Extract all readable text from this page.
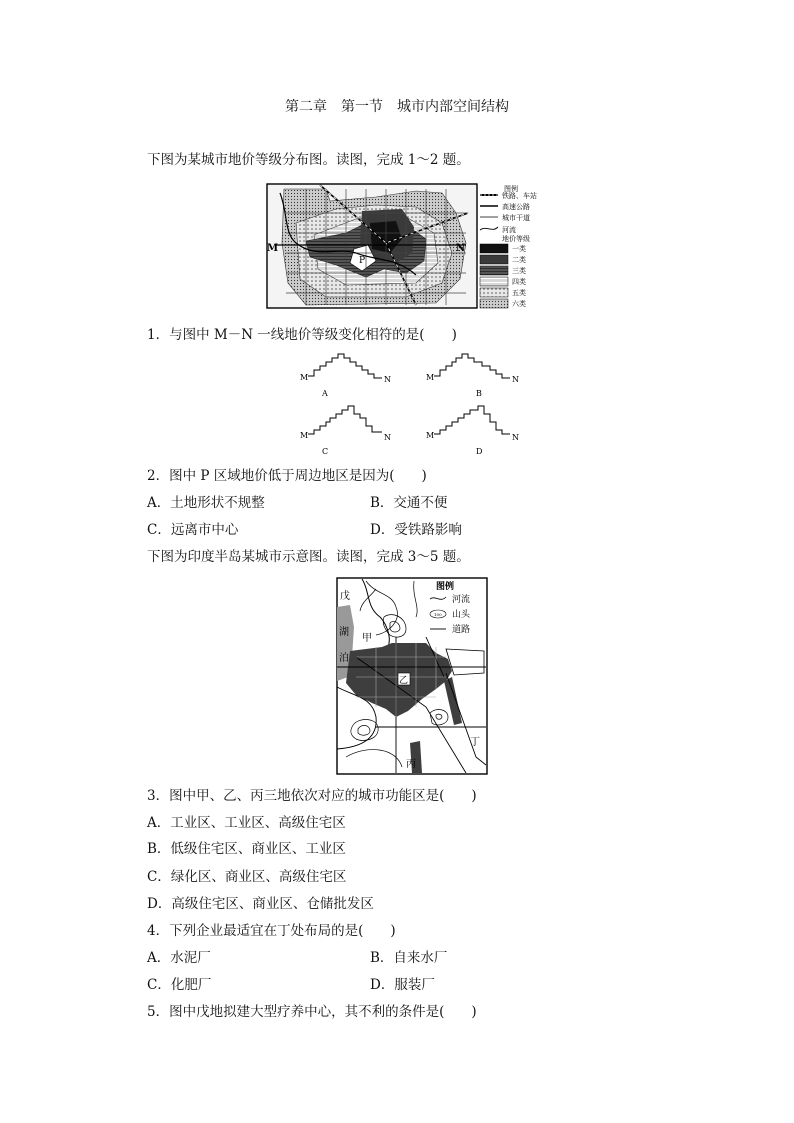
第二章　第一节　城市内部空间结构
下图为某城市地价等级分布图。读图，完成 1～2 题。
P
M	N
图例
铁路、车站
高速公路
城市干道
河流
地价等级
一类
二类
三类
四类
五类
六类
1．与图中 M－N 一线地价等级变化相符的是(　　)
M	N	M	N
M	N	M	N
A	B
C	D
2．图中 P 区域地价低于周边地区是因为(　　)
A．土地形状不规整	B．交通不便
C．远离市中心	D．受铁路影响
下图为印度半岛某城市示意图。读图，完成 3～5 题。
戊
湖
泊
甲
乙
丙
丁
图例
河流
100 山头
道路
3．图中甲、乙、丙三地依次对应的城市功能区是(　　)
A．工业区、工业区、高级住宅区
B．低级住宅区、商业区、工业区
C．绿化区、商业区、高级住宅区
D．高级住宅区、商业区、仓储批发区
4．下列企业最适宜在丁处布局的是(　　)
A．水泥厂	B．自来水厂
C．化肥厂	D．服装厂
5．图中戊地拟建大型疗养中心，其不利的条件是(　　)
